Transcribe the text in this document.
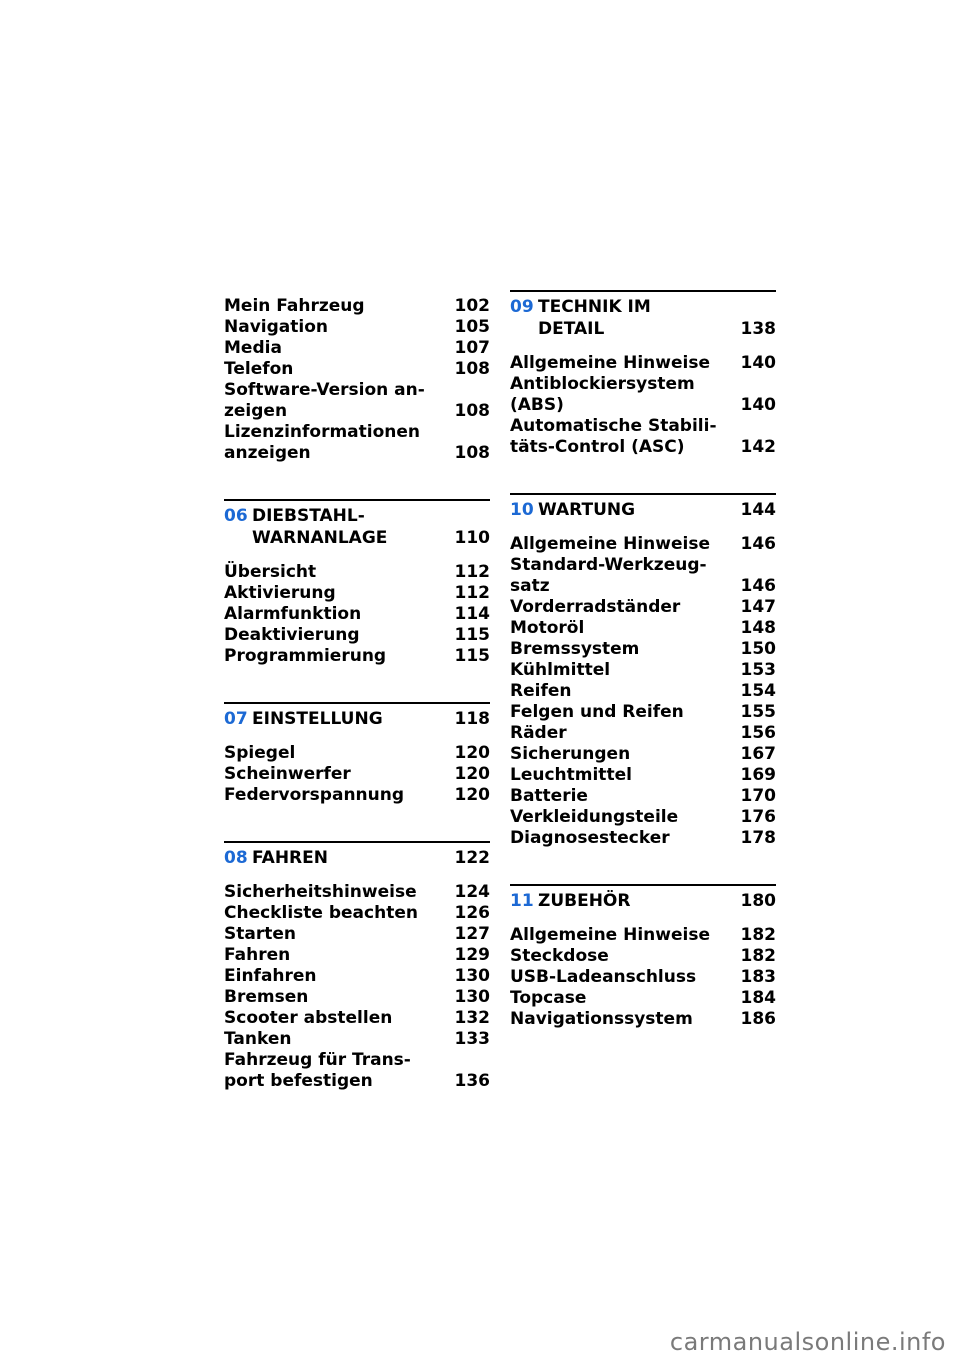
Mein Fahrzeug	102
Navigation	105
Media	107
Telefon	108
Software-Version an-
zeigen	108
Lizenzinformationen
anzeigen	108
06 DIEBSTAHL-
WARNANLAGE	110
Übersicht	112
Aktivierung	112
Alarmfunktion	114
Deaktivierung	115
Programmierung	115
07 EINSTELLUNG	118
Spiegel	120
Scheinwerfer	120
Federvorspannung	120
08 FAHREN	122
Sicherheitshinweise	124
Checkliste beachten	126
Starten	127
Fahren	129
Einfahren	130
Bremsen	130
Scooter abstellen	132
Tanken	133
Fahrzeug für Trans-
port befestigen	136
09 TECHNIK IM
DETAIL	138
Allgemeine Hinweise	140
Antiblockiersystem
(ABS)	140
Automatische Stabili-
täts-Control (ASC)	142
10 WARTUNG	144
Allgemeine Hinweise	146
Standard-Werkzeug-
satz	146
Vorderradständer	147
Motoröl	148
Bremssystem	150
Kühlmittel	153
Reifen	154
Felgen und Reifen	155
Räder	156
Sicherungen	167
Leuchtmittel	169
Batterie	170
Verkleidungsteile	176
Diagnosestecker	178
11 ZUBEHÖR	180
Allgemeine Hinweise	182
Steckdose	182
USB-Ladeanschluss	183
Topcase	184
Navigationssystem	186
carmanualsonline.info
